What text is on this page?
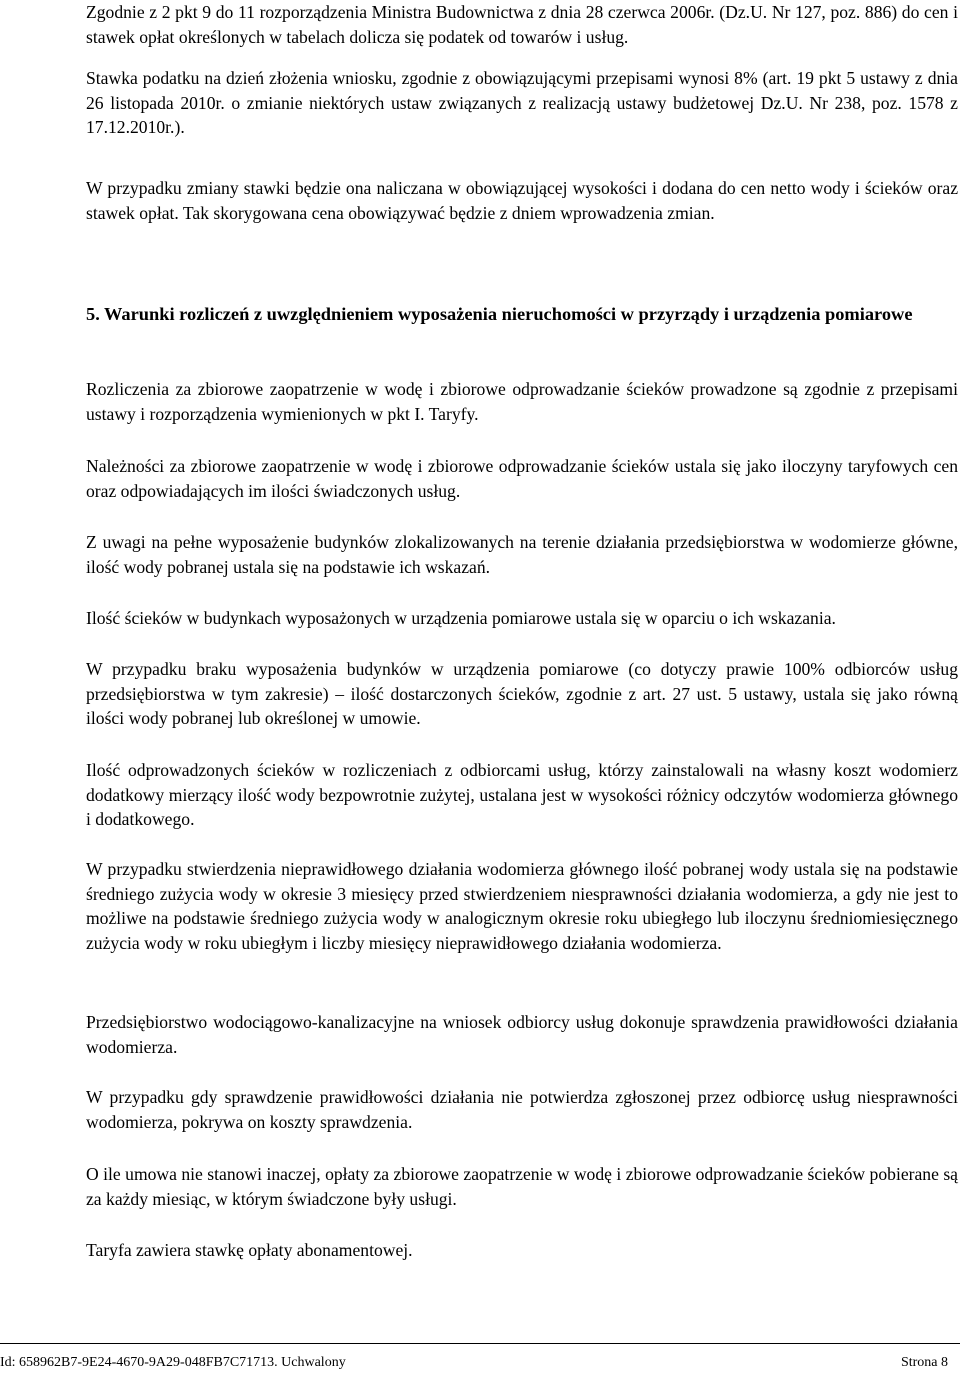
Zgodnie z 2 pkt 9 do 11 rozporządzenia Ministra Budownictwa z dnia 28 czerwca 2006r. (Dz.U. Nr 127, poz. 886) do cen i stawek opłat określonych w tabelach dolicza się podatek od towarów i usług.

Stawka podatku na dzień złożenia wniosku, zgodnie z obowiązującymi przepisami wynosi 8% (art. 19 pkt 5 ustawy z dnia 26 listopada 2010r. o zmianie niektórych ustaw związanych z realizacją ustawy budżetowej Dz.U. Nr 238, poz. 1578 z 17.12.2010r.).

W przypadku zmiany stawki będzie ona naliczana w obowiązującej wysokości i dodana do cen netto wody i ścieków oraz stawek opłat. Tak skorygowana cena obowiązywać będzie z dniem wprowadzenia zmian.

5. Warunki rozliczeń z uwzględnieniem wyposażenia nieruchomości w przyrządy i urządzenia pomiarowe

Rozliczenia za zbiorowe zaopatrzenie w wodę i zbiorowe odprowadzanie ścieków prowadzone są zgodnie z przepisami ustawy i rozporządzenia wymienionych w pkt I. Taryfy.

Należności za zbiorowe zaopatrzenie w wodę i zbiorowe odprowadzanie ścieków ustala się jako iloczyny taryfowych cen oraz odpowiadających im ilości świadczonych usług.

Z uwagi na pełne wyposażenie budynków zlokalizowanych na terenie działania przedsiębiorstwa w wodomierze główne, ilość wody pobranej ustala się na podstawie ich wskazań.

Ilość ścieków w budynkach wyposażonych w urządzenia pomiarowe ustala się w oparciu o ich wskazania.

W przypadku braku wyposażenia budynków w urządzenia pomiarowe (co dotyczy prawie 100% odbiorców usług przedsiębiorstwa w tym zakresie) – ilość dostarczonych ścieków, zgodnie z art. 27 ust. 5 ustawy, ustala się jako równą ilości wody pobranej lub określonej w umowie.

Ilość odprowadzonych ścieków w rozliczeniach z odbiorcami usług, którzy zainstalowali na własny koszt wodomierz dodatkowy mierzący ilość wody bezpowrotnie zużytej, ustalana jest w wysokości różnicy odczytów wodomierza głównego i dodatkowego.

W przypadku stwierdzenia nieprawidłowego działania wodomierza głównego ilość pobranej wody ustala się na podstawie średniego zużycia wody w okresie 3 miesięcy przed stwierdzeniem niesprawności działania wodomierza, a gdy nie jest to możliwe na podstawie średniego zużycia wody w analogicznym okresie roku ubiegłego lub iloczynu średniomiesięcznego zużycia wody w roku ubiegłym i liczby miesięcy nieprawidłowego działania wodomierza.

Przedsiębiorstwo wodociągowo-kanalizacyjne na wniosek odbiorcy usług dokonuje sprawdzenia prawidłowości działania wodomierza.

W przypadku gdy sprawdzenie prawidłowości działania nie potwierdza zgłoszonej przez odbiorcę usług niesprawności wodomierza, pokrywa on koszty sprawdzenia.

O ile umowa nie stanowi inaczej, opłaty za zbiorowe zaopatrzenie w wodę i zbiorowe odprowadzanie ścieków pobierane są za każdy miesiąc, w którym świadczone były usługi.

Taryfa zawiera stawkę opłaty abonamentowej.

Id: 658962B7-9E24-4670-9A29-048FB7C71713. Uchwalony	Strona 8
